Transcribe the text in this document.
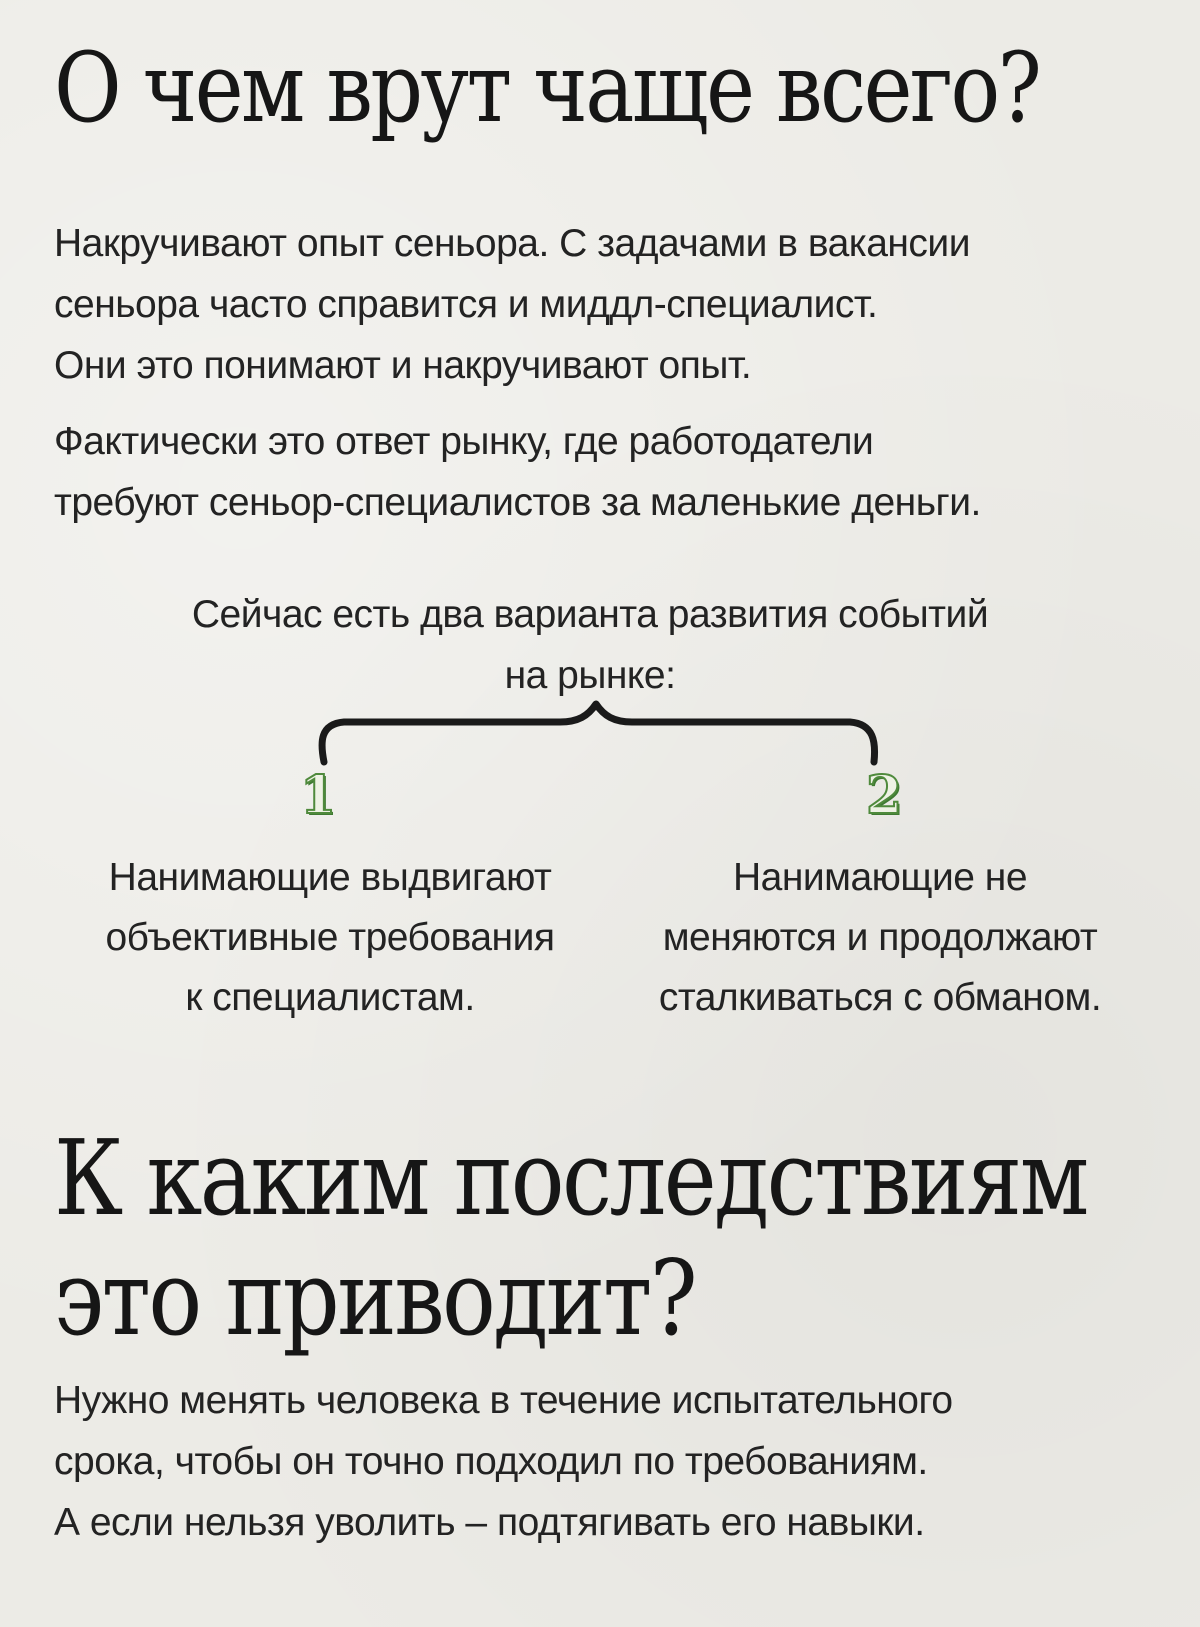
О чем врут чаще всего?

Накручивают опыт сеньора. С задачами в вакансии
сеньора часто справится и миддл-специалист.
Они это понимают и накручивают опыт.

Фактически это ответ рынку, где работодатели
требуют сеньор-специалистов за маленькие деньги.

Сейчас есть два варианта развития событий
на рынке:

1	2

Нанимающие выдвигают
объективные требования
к специалистам.

Нанимающие не
меняются и продолжают
сталкиваться с обманом.

К каким последствиям
это приводит?

Нужно менять человека в течение испытательного
срока, чтобы он точно подходил по требованиям.
А если нельзя уволить – подтягивать его навыки.
